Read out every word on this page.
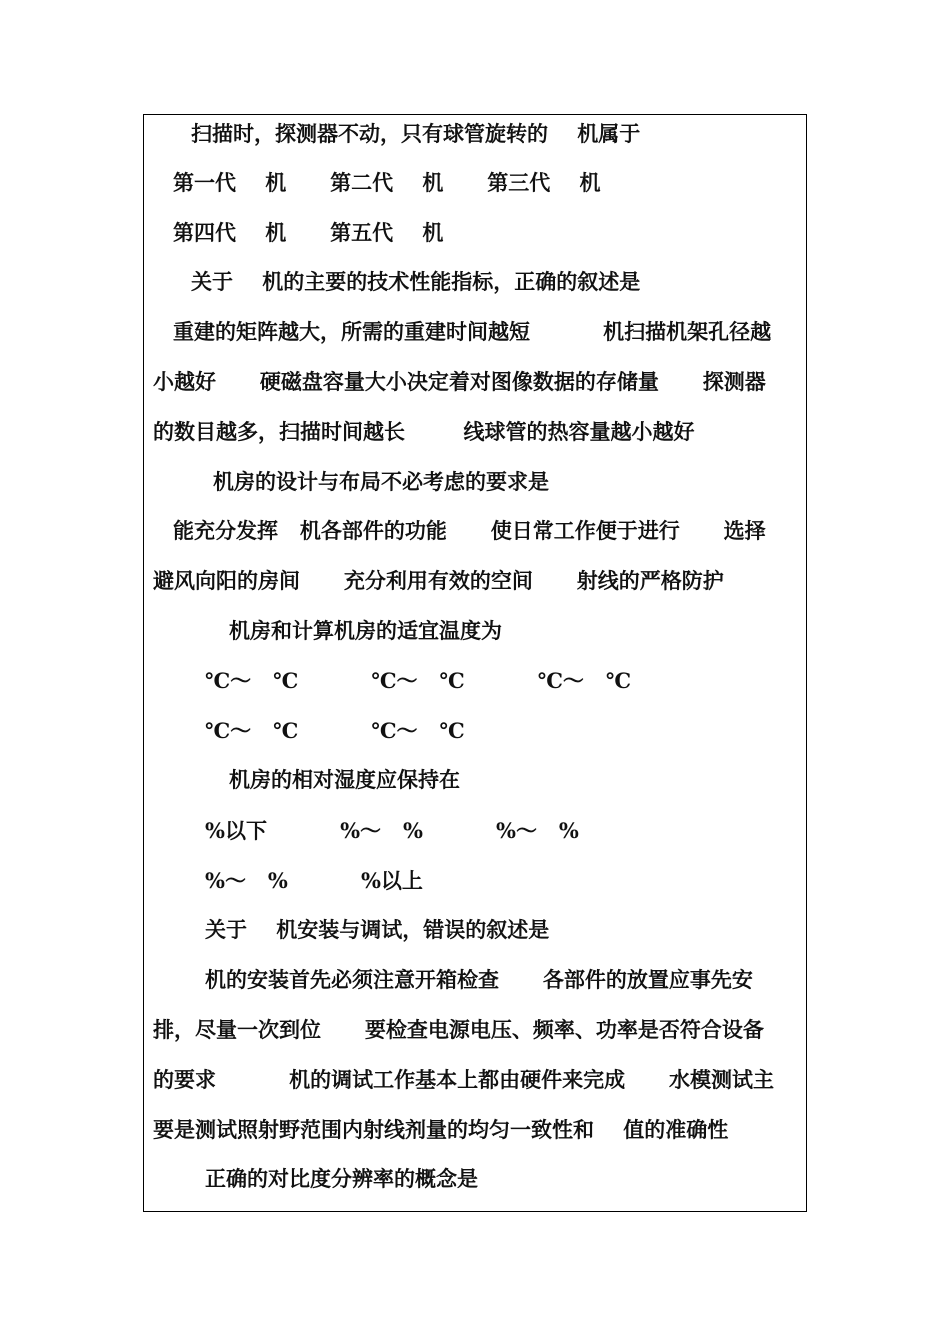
扫描时，探测器不动，只有球管旋转的    机属于
第一代    机      第二代    机      第三代    机
第四代    机      第五代    机
关于    机的主要的技术性能指标，正确的叙述是
重建的矩阵越大，所需的重建时间越短          机扫描机架孔径越
小越好      硬磁盘容量大小决定着对图像数据的存储量      探测器
的数目越多，扫描时间越长        线球管的热容量越小越好
机房的设计与布局不必考虑的要求是
能充分发挥   机各部件的功能      使日常工作便于进行      选择
避风向阳的房间      充分利用有效的空间      射线的严格防护
机房和计算机房的适宜温度为
℃～   ℃          ℃～   ℃          ℃～   ℃
℃～   ℃          ℃～   ℃
机房的相对湿度应保持在
%以下          %～   %          %～   %
%～   %          %以上
关于    机安装与调试，错误的叙述是
机的安装首先必须注意开箱检查      各部件的放置应事先安
排，尽量一次到位      要检查电源电压、频率、功率是否符合设备
的要求          机的调试工作基本上都由硬件来完成      水模测试主
要是测试照射野范围内射线剂量的均匀一致性和    值的准确性
正确的对比度分辨率的概念是
